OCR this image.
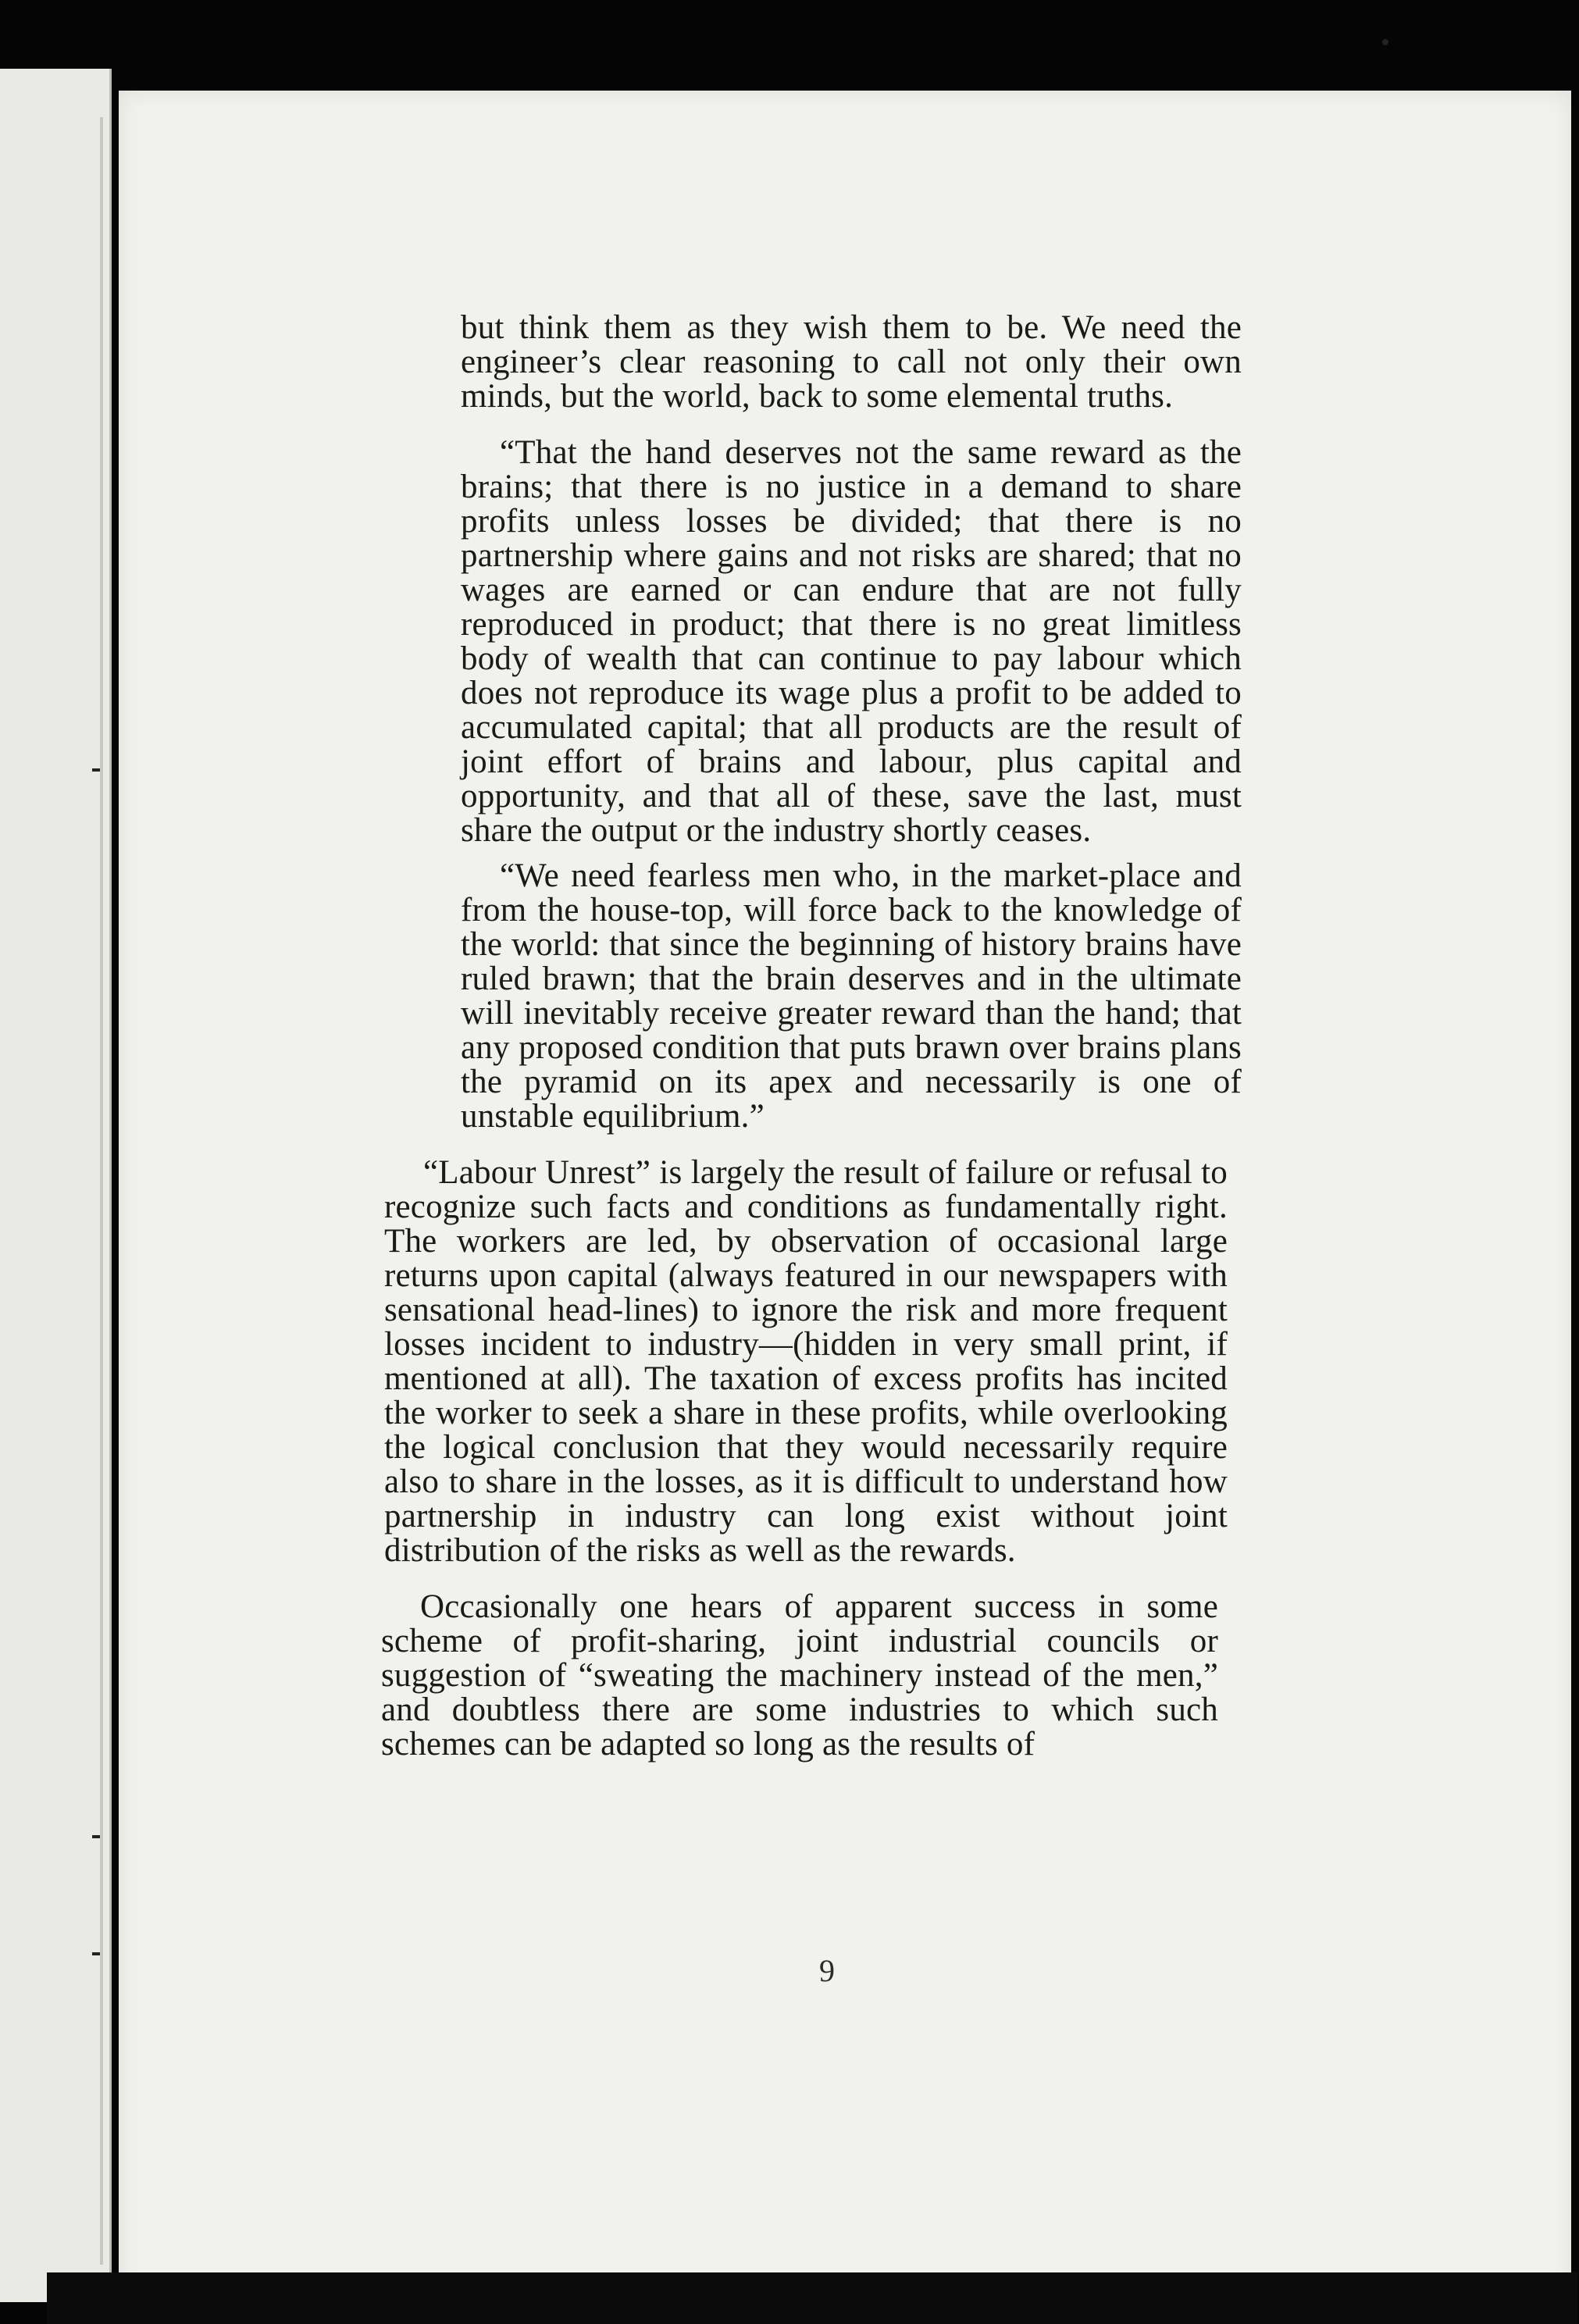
but think them as they wish them to be. We need the engineer’s clear reasoning to call not only their own minds, but the world, back to some elemental truths.

“That the hand deserves not the same reward as the brains; that there is no justice in a demand to share profits unless losses be divided; that there is no partnership where gains and not risks are shared; that no wages are earned or can endure that are not fully reproduced in product; that there is no great limitless body of wealth that can continue to pay labour which does not reproduce its wage plus a profit to be added to accumulated capital; that all products are the result of joint effort of brains and labour, plus capital and opportunity, and that all of these, save the last, must share the output or the industry shortly ceases.

“We need fearless men who, in the market-place and from the house-top, will force back to the knowledge of the world: that since the beginning of history brains have ruled brawn; that the brain deserves and in the ultimate will inevitably receive greater reward than the hand; that any proposed condition that puts brawn over brains plans the pyramid on its apex and necessarily is one of unstable equilibrium.”

“Labour Unrest” is largely the result of failure or refusal to recognize such facts and conditions as fundamentally right. The workers are led, by observation of occasional large returns upon capital (always featured in our newspapers with sensational head-lines) to ignore the risk and more frequent losses incident to industry—(hidden in very small print, if mentioned at all). The taxation of excess profits has incited the worker to seek a share in these profits, while overlooking the logical conclusion that they would necessarily require also to share in the losses, as it is difficult to understand how partnership in industry can long exist without joint distribution of the risks as well as the rewards.

Occasionally one hears of apparent success in some scheme of profit-sharing, joint industrial councils or suggestion of “sweating the machinery instead of the men,” and doubtless there are some industries to which such schemes can be adapted so long as the results of

9
